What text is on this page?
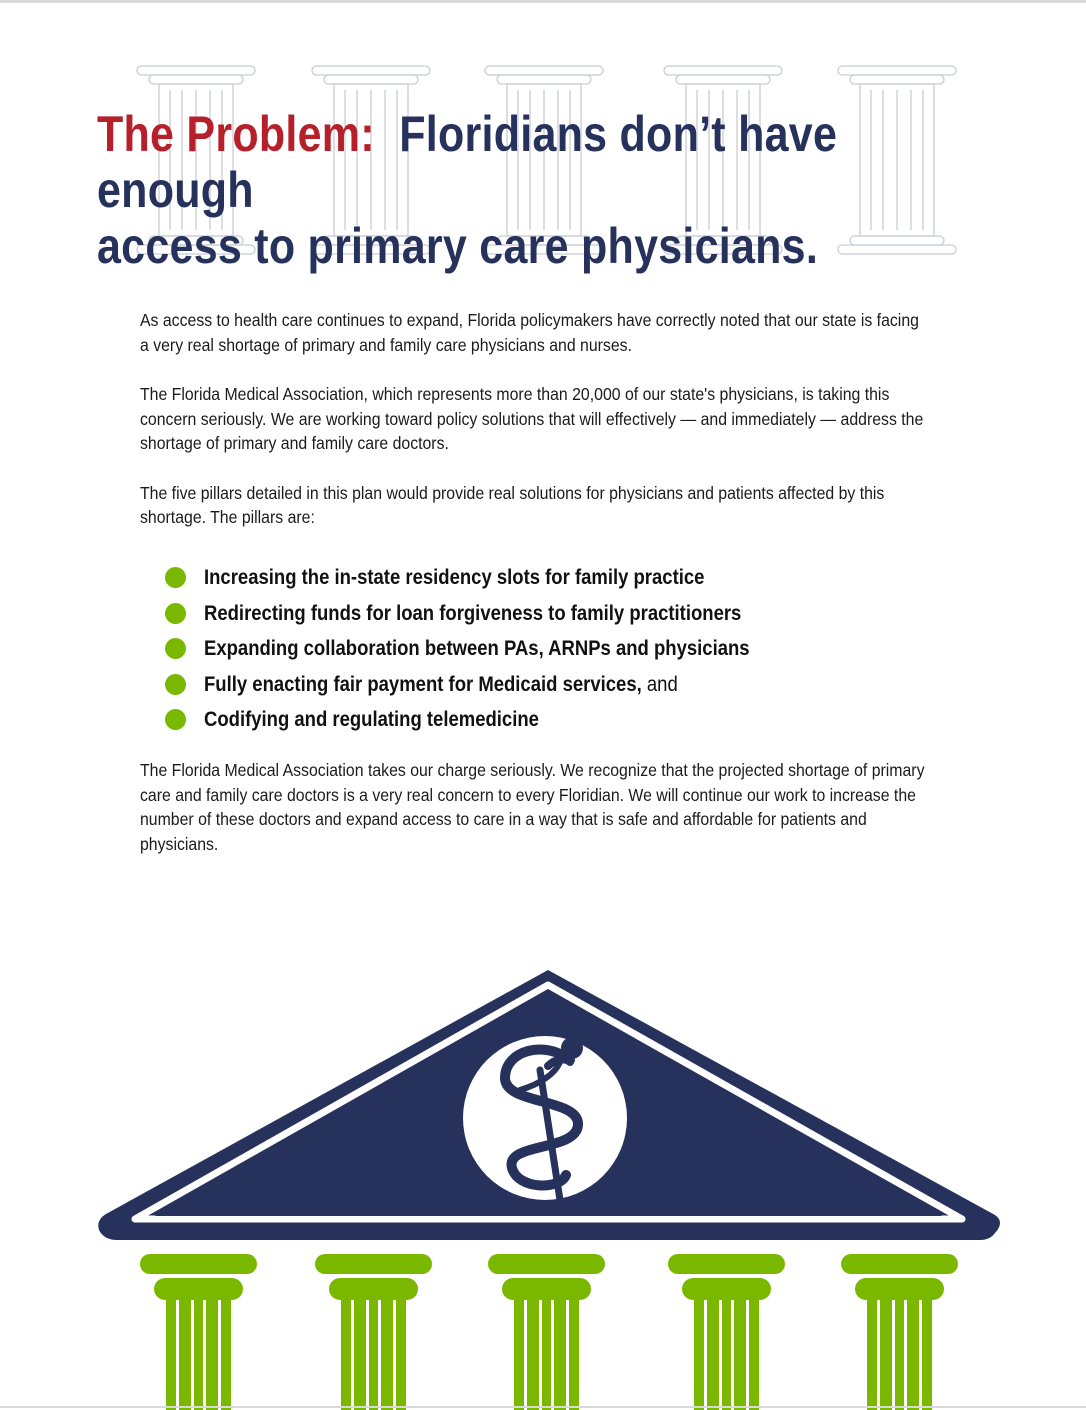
The Problem: Floridians don’t have enough
access to primary care physicians.

As access to health care continues to expand, Florida policymakers have correctly noted that our state is facing a very real shortage of primary and family care physicians and nurses.

The Florida Medical Association, which represents more than 20,000 of our state's physicians, is taking this concern seriously. We are working toward policy solutions that will effectively — and immediately — address the shortage of primary and family care doctors.

The five pillars detailed in this plan would provide real solutions for physicians and patients affected by this shortage. The pillars are:

Increasing the in-state residency slots for family practice
Redirecting funds for loan forgiveness to family practitioners
Expanding collaboration between PAs, ARNPs and physicians
Fully enacting fair payment for Medicaid services, and
Codifying and regulating telemedicine

The Florida Medical Association takes our charge seriously. We recognize that the projected shortage of primary care and family care doctors is a very real concern to every Floridian. We will continue our work to increase the number of these doctors and expand access to care in a way that is safe and affordable for patients and physicians.
